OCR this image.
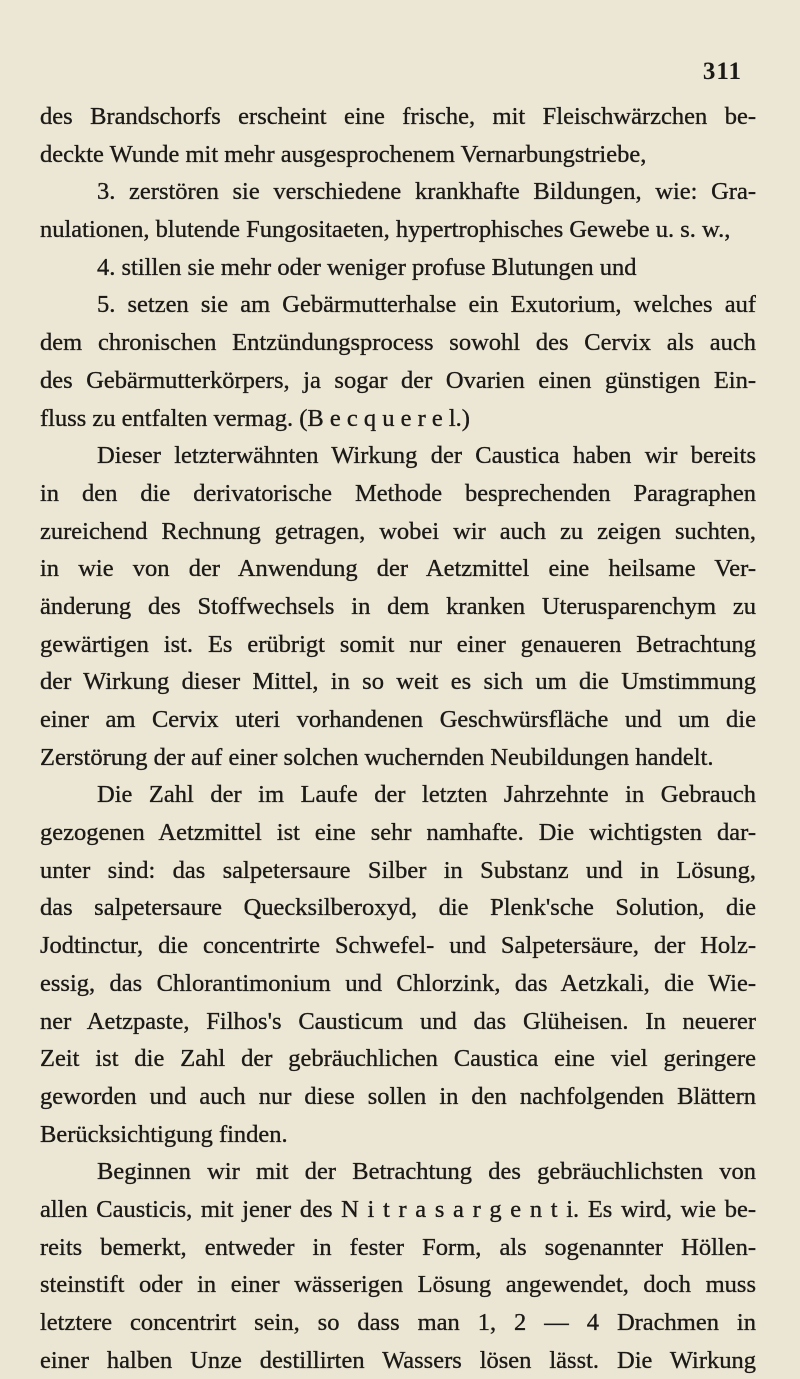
311
des Brandschorfs erscheint eine frische, mit Fleischwärzchen be-
deckte Wunde mit mehr ausgesprochenem Vernarbungstriebe,
3. zerstören sie verschiedene krankhafte Bildungen, wie: Gra-
nulationen, blutende Fungositaeten, hypertrophisches Gewebe u. s. w.,
4. stillen sie mehr oder weniger profuse Blutungen und
5. setzen sie am Gebärmutterhalse ein Exutorium, welches auf
dem chronischen Entzündungsprocess sowohl des Cervix als auch
des Gebärmutterkörpers, ja sogar der Ovarien einen günstigen Ein-
fluss zu entfalten vermag. (B e c q u e r e l.)
Dieser letzterwähnten Wirkung der Caustica haben wir bereits
in den die derivatorische Methode besprechenden Paragraphen
zureichend Rechnung getragen, wobei wir auch zu zeigen suchten,
in wie von der Anwendung der Aetzmittel eine heilsame Ver-
änderung des Stoffwechsels in dem kranken Uterusparenchym zu
gewärtigen ist. Es erübrigt somit nur einer genaueren Betrachtung
der Wirkung dieser Mittel, in so weit es sich um die Umstimmung
einer am Cervix uteri vorhandenen Geschwürsfläche und um die
Zerstörung der auf einer solchen wuchernden Neubildungen handelt.
Die Zahl der im Laufe der letzten Jahrzehnte in Gebrauch
gezogenen Aetzmittel ist eine sehr namhafte. Die wichtigsten dar-
unter sind: das salpetersaure Silber in Substanz und in Lösung,
das salpetersaure Quecksilberoxyd, die Plenk'sche Solution, die
Jodtinctur, die concentrirte Schwefel- und Salpetersäure, der Holz-
essig, das Chlorantimonium und Chlorzink, das Aetzkali, die Wie-
ner Aetzpaste, Filhos's Causticum und das Glüheisen. In neuerer
Zeit ist die Zahl der gebräuchlichen Caustica eine viel geringere
geworden und auch nur diese sollen in den nachfolgenden Blättern
Berücksichtigung finden.
Beginnen wir mit der Betrachtung des gebräuchlichsten von
allen Causticis, mit jener des N i t r a s a r g e n t i. Es wird, wie be-
reits bemerkt, entweder in fester Form, als sogenannter Höllen-
steinstift oder in einer wässerigen Lösung angewendet, doch muss
letztere concentrirt sein, so dass man 1, 2 — 4 Drachmen in
einer halben Unze destillirten Wassers lösen lässt. Die Wirkung
